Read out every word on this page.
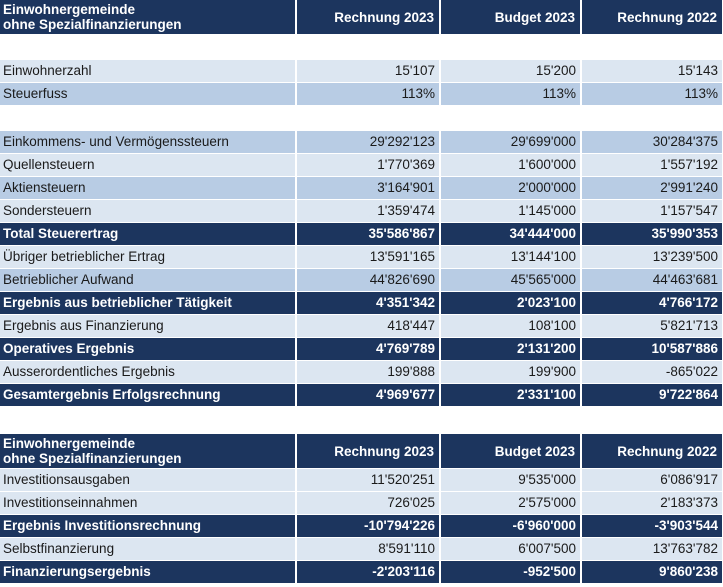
Einwohnergemeinde
ohne Spezialfinanzierungen	Rechnung 2023	Budget 2023	Rechnung 2022

Einwohnerzahl	15'107	15'200	15'143
Steuerfuss	113%	113%	113%

Einkommens- und Vermögenssteuern	29'292'123	29'699'000	30'284'375
Quellensteuern	1'770'369	1'600'000	1'557'192
Aktiensteuern	3'164'901	2'000'000	2'991'240
Sondersteuern	1'359'474	1'145'000	1'157'547
Total Steuerertrag	35'586'867	34'444'000	35'990'353
Übriger betrieblicher Ertrag	13'591'165	13'144'100	13'239'500
Betrieblicher Aufwand	44'826'690	45'565'000	44'463'681
Ergebnis aus betrieblicher Tätigkeit	4'351'342	2'023'100	4'766'172
Ergebnis aus Finanzierung	418'447	108'100	5'821'713
Operatives Ergebnis	4'769'789	2'131'200	10'587'886
Ausserordentliches Ergebnis	199'888	199'900	-865'022
Gesamtergebnis Erfolgsrechnung	4'969'677	2'331'100	9'722'864
Einwohnergemeinde
ohne Spezialfinanzierungen	Rechnung 2023	Budget 2023	Rechnung 2022
Investitionsausgaben	11'520'251	9'535'000	6'086'917
Investitionseinnahmen	726'025	2'575'000	2'183'373
Ergebnis Investitionsrechnung	-10'794'226	-6'960'000	-3'903'544
Selbstfinanzierung	8'591'110	6'007'500	13'763'782
Finanzierungsergebnis	-2'203'116	-952'500	9'860'238
